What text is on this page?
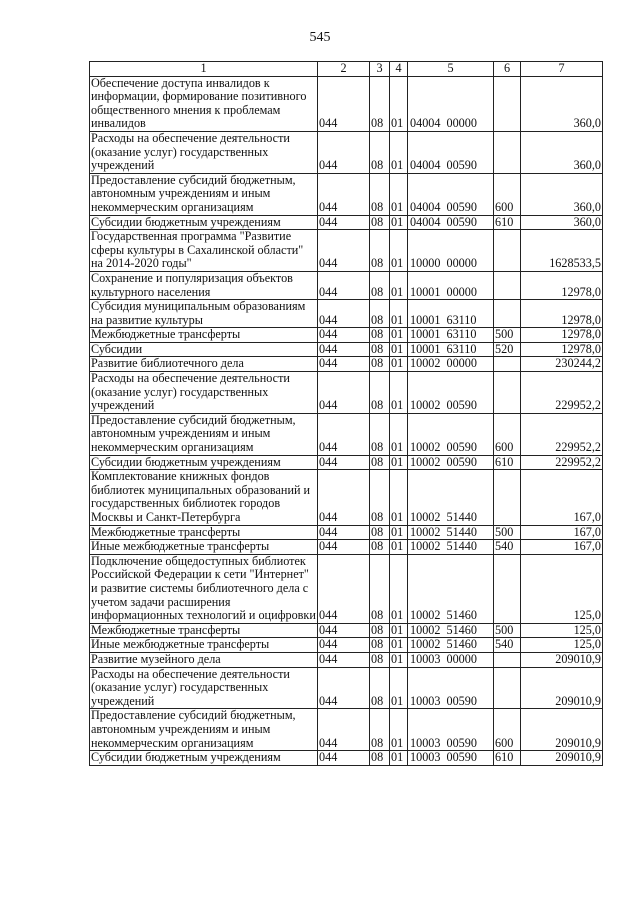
545
1	2	3	4	5	6	7
Обеспечение доступа инвалидов к информации, формирование позитивного общественного мнения к проблемам инвалидов	044	08	01	04004 00000		360,0
Расходы на обеспечение деятельности (оказание услуг) государственных учреждений	044	08	01	04004 00590		360,0
Предоставление субсидий бюджетным, автономным учреждениям и иным некоммерческим организациям	044	08	01	04004 00590	600	360,0
Субсидии бюджетным учреждениям	044	08	01	04004 00590	610	360,0
Государственная программа "Развитие сферы культуры в Сахалинской области" на 2014-2020 годы"	044	08	01	10000 00000		1628533,5
Сохранение и популяризация объектов культурного населения	044	08	01	10001 00000		12978,0
Субсидия муниципальным образованиям на развитие культуры	044	08	01	10001 63110		12978,0
Межбюджетные трансферты	044	08	01	10001 63110	500	12978,0
Субсидии	044	08	01	10001 63110	520	12978,0
Развитие библиотечного дела	044	08	01	10002 00000		230244,2
Расходы на обеспечение деятельности (оказание услуг) государственных учреждений	044	08	01	10002 00590		229952,2
Предоставление субсидий бюджетным, автономным учреждениям и иным некоммерческим организациям	044	08	01	10002 00590	600	229952,2
Субсидии бюджетным учреждениям	044	08	01	10002 00590	610	229952,2
Комплектование книжных фондов библиотек муниципальных образований и государственных библиотек городов Москвы и Санкт-Петербурга	044	08	01	10002 51440		167,0
Межбюджетные трансферты	044	08	01	10002 51440	500	167,0
Иные межбюджетные трансферты	044	08	01	10002 51440	540	167,0
Подключение общедоступных библиотек Российской Федерации к сети "Интернет" и развитие системы библиотечного дела с учетом задачи расширения информационных технологий и оцифровки	044	08	01	10002 51460		125,0
Межбюджетные трансферты	044	08	01	10002 51460	500	125,0
Иные межбюджетные трансферты	044	08	01	10002 51460	540	125,0
Развитие музейного дела	044	08	01	10003 00000		209010,9
Расходы на обеспечение деятельности (оказание услуг) государственных учреждений	044	08	01	10003 00590		209010,9
Предоставление субсидий бюджетным, автономным учреждениям и иным некоммерческим организациям	044	08	01	10003 00590	600	209010,9
Субсидии бюджетным учреждениям	044	08	01	10003 00590	610	209010,9
